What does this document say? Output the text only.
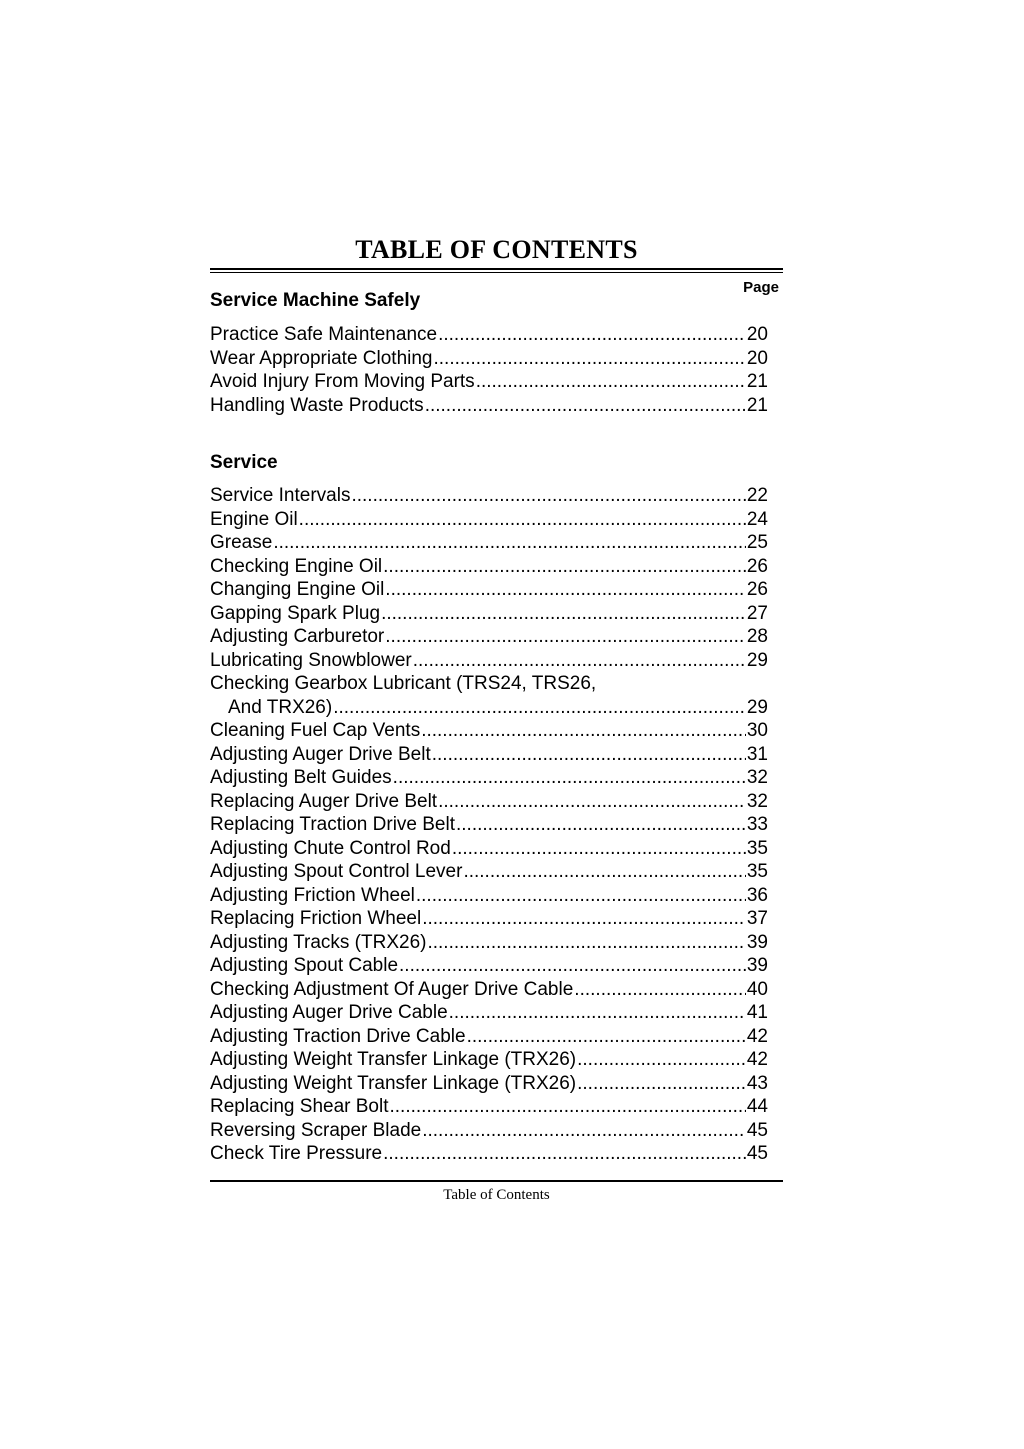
TABLE OF CONTENTS
Page
Service Machine Safely
Practice Safe Maintenance .....	20
Wear Appropriate Clothing .....	20
Avoid Injury From Moving Parts .....	21
Handling Waste Products .....	21
Service
Service Intervals .....	22
Engine Oil .....	24
Grease .....	25
Checking Engine Oil .....	26
Changing Engine Oil .....	26
Gapping Spark Plug .....	27
Adjusting Carburetor .....	28
Lubricating Snowblower .....	29
Checking Gearbox Lubricant (TRS24, TRS26,
And TRX26) .....	29
Cleaning Fuel Cap Vents .....	30
Adjusting Auger Drive Belt .....	31
Adjusting Belt Guides .....	32
Replacing Auger Drive Belt .....	32
Replacing Traction Drive Belt .....	33
Adjusting Chute Control Rod .....	35
Adjusting Spout Control Lever .....	35
Adjusting Friction Wheel .....	36
Replacing Friction Wheel .....	37
Adjusting Tracks (TRX26) .....	39
Adjusting Spout Cable .....	39
Checking Adjustment Of Auger Drive Cable .....	40
Adjusting Auger Drive Cable .....	41
Adjusting Traction Drive Cable .....	42
Adjusting Weight Transfer Linkage (TRX26) .....	42
Adjusting Weight Transfer Linkage (TRX26) .....	43
Replacing Shear Bolt .....	44
Reversing Scraper Blade .....	45
Check Tire Pressure .....	45
Table of Contents
